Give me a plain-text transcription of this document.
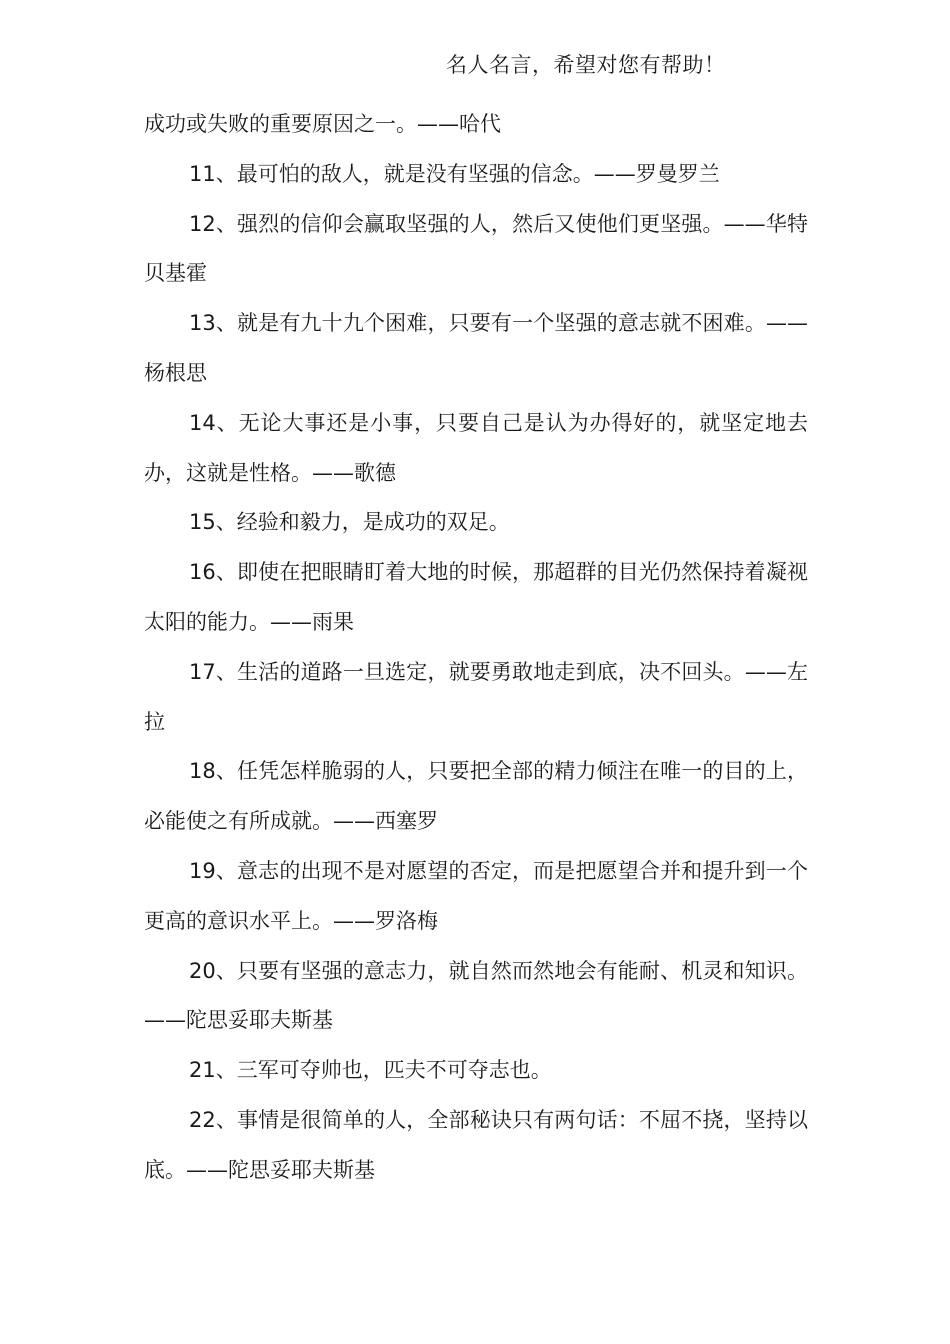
名人名言，希望对您有帮助！

成功或失败的重要原因之一。——哈代

11、最可怕的敌人，就是没有坚强的信念。——罗曼罗兰

12、强烈的信仰会赢取坚强的人，然后又使他们更坚强。——华特贝基霍

13、就是有九十九个困难，只要有一个坚强的意志就不困难。——杨根思

14、无论大事还是小事，只要自己是认为办得好的，就坚定地去办，这就是性格。——歌德

15、经验和毅力，是成功的双足。

16、即使在把眼睛盯着大地的时候，那超群的目光仍然保持着凝视太阳的能力。——雨果

17、生活的道路一旦选定，就要勇敢地走到底，决不回头。——左拉

18、任凭怎样脆弱的人，只要把全部的精力倾注在唯一的目的上，必能使之有所成就。——西塞罗

19、意志的出现不是对愿望的否定，而是把愿望合并和提升到一个更高的意识水平上。——罗洛梅

20、只要有坚强的意志力，就自然而然地会有能耐、机灵和知识。——陀思妥耶夫斯基

21、三军可夺帅也，匹夫不可夺志也。

22、事情是很简单的人，全部秘诀只有两句话：不屈不挠，坚持以底。——陀思妥耶夫斯基
